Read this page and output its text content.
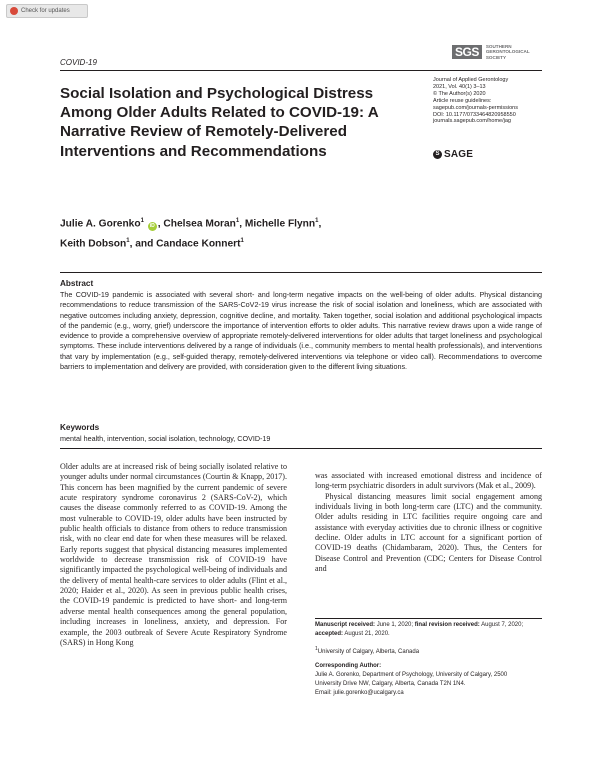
Check for updates
COVID-19
SGS	SOUTHERN
GERONTOLOGICAL
SOCIETY
Social Isolation and Psychological Distress Among Older Adults Related to COVID-19: A Narrative Review of Remotely-Delivered Interventions and Recommendations
Journal of Applied Gerontology
2021, Vol. 40(1) 3–13
© The Author(s) 2020
Article reuse guidelines:
sagepub.com/journals-permissions
DOI: 10.1177/0733464820958550
journals.sagepub.com/home/jag
S SAGE
Julie A. Gorenko$^1$ iD , Chelsea Moran$^1$, Michelle Flynn$^1$,
Keith Dobson$^1$, and Candace Konnert$^1$
Abstract

The COVID-19 pandemic is associated with several short- and long-term negative impacts on the well-being of older adults. Physical distancing recommendations to reduce transmission of the SARS-CoV2-19 virus increase the risk of social isolation and loneliness, which are associated with negative outcomes including anxiety, depression, cognitive decline, and mortality. Taken together, social isolation and additional psychological impacts of the pandemic (e.g., worry, grief) underscore the importance of intervention efforts to older adults. This narrative review draws upon a wide range of evidence to provide a comprehensive overview of appropriate remotely-delivered interventions for older adults that target loneliness and psychological symptoms. These include interventions delivered by a range of individuals (i.e., community members to mental health professionals), and interventions that vary by implementation (e.g., self-guided therapy, remotely-delivered interventions via telephone or video call). Recommendations to overcome barriers to implementation and delivery are provided, with consideration given to the different living situations.

Keywords

mental health, intervention, social isolation, technology, COVID-19

Older adults are at increased risk of being socially isolated relative to younger adults under normal circumstances (Courtin & Knapp, 2017). This concern has been magnified by the current pandemic of severe acute respiratory syndrome coronavirus 2 (SARS-CoV-2), which causes the disease commonly referred to as COVID-19. Among the most vulnerable to COVID-19, older adults have been instructed by public health officials to distance from others to reduce transmission risk, with no clear end date for when these measures will be relaxed. Early reports suggest that physical distancing measures implemented worldwide to decrease transmission risk of COVID-19 have significantly impacted the psychological well-being of individuals and the delivery of mental health-care services to older adults (Flint et al., 2020; Haider et al., 2020). As seen in previous public health crises, the COVID-19 pandemic is predicted to have short- and long-term adverse mental health consequences among the general population, including increases in loneliness, anxiety, and depression. For example, the 2003 outbreak of Severe Acute Respiratory Syndrome (SARS) in Hong Kong

was associated with increased emotional distress and incidence of long-term psychiatric disorders in adult survivors (Mak et al., 2009).

Physical distancing measures limit social engagement among individuals living in both long-term care (LTC) and the community. Older adults residing in LTC facilities require ongoing care and assistance with everyday activities due to chronic illness or cognitive decline. Older adults in LTC account for a significant portion of COVID-19 deaths (Chidambaram, 2020). Thus, the Centers for Disease Control and Prevention (CDC; Centers for Disease Control and

Manuscript received: June 1, 2020; final revision received: August 7, 2020; accepted: August 21, 2020.
$^1$University of Calgary, Alberta, Canada
Corresponding Author:
Julie A. Gorenko, Department of Psychology, University of Calgary, 2500
University Drive NW, Calgary, Alberta, Canada T2N 1N4.
Email: julie.gorenko@ucalgary.ca
